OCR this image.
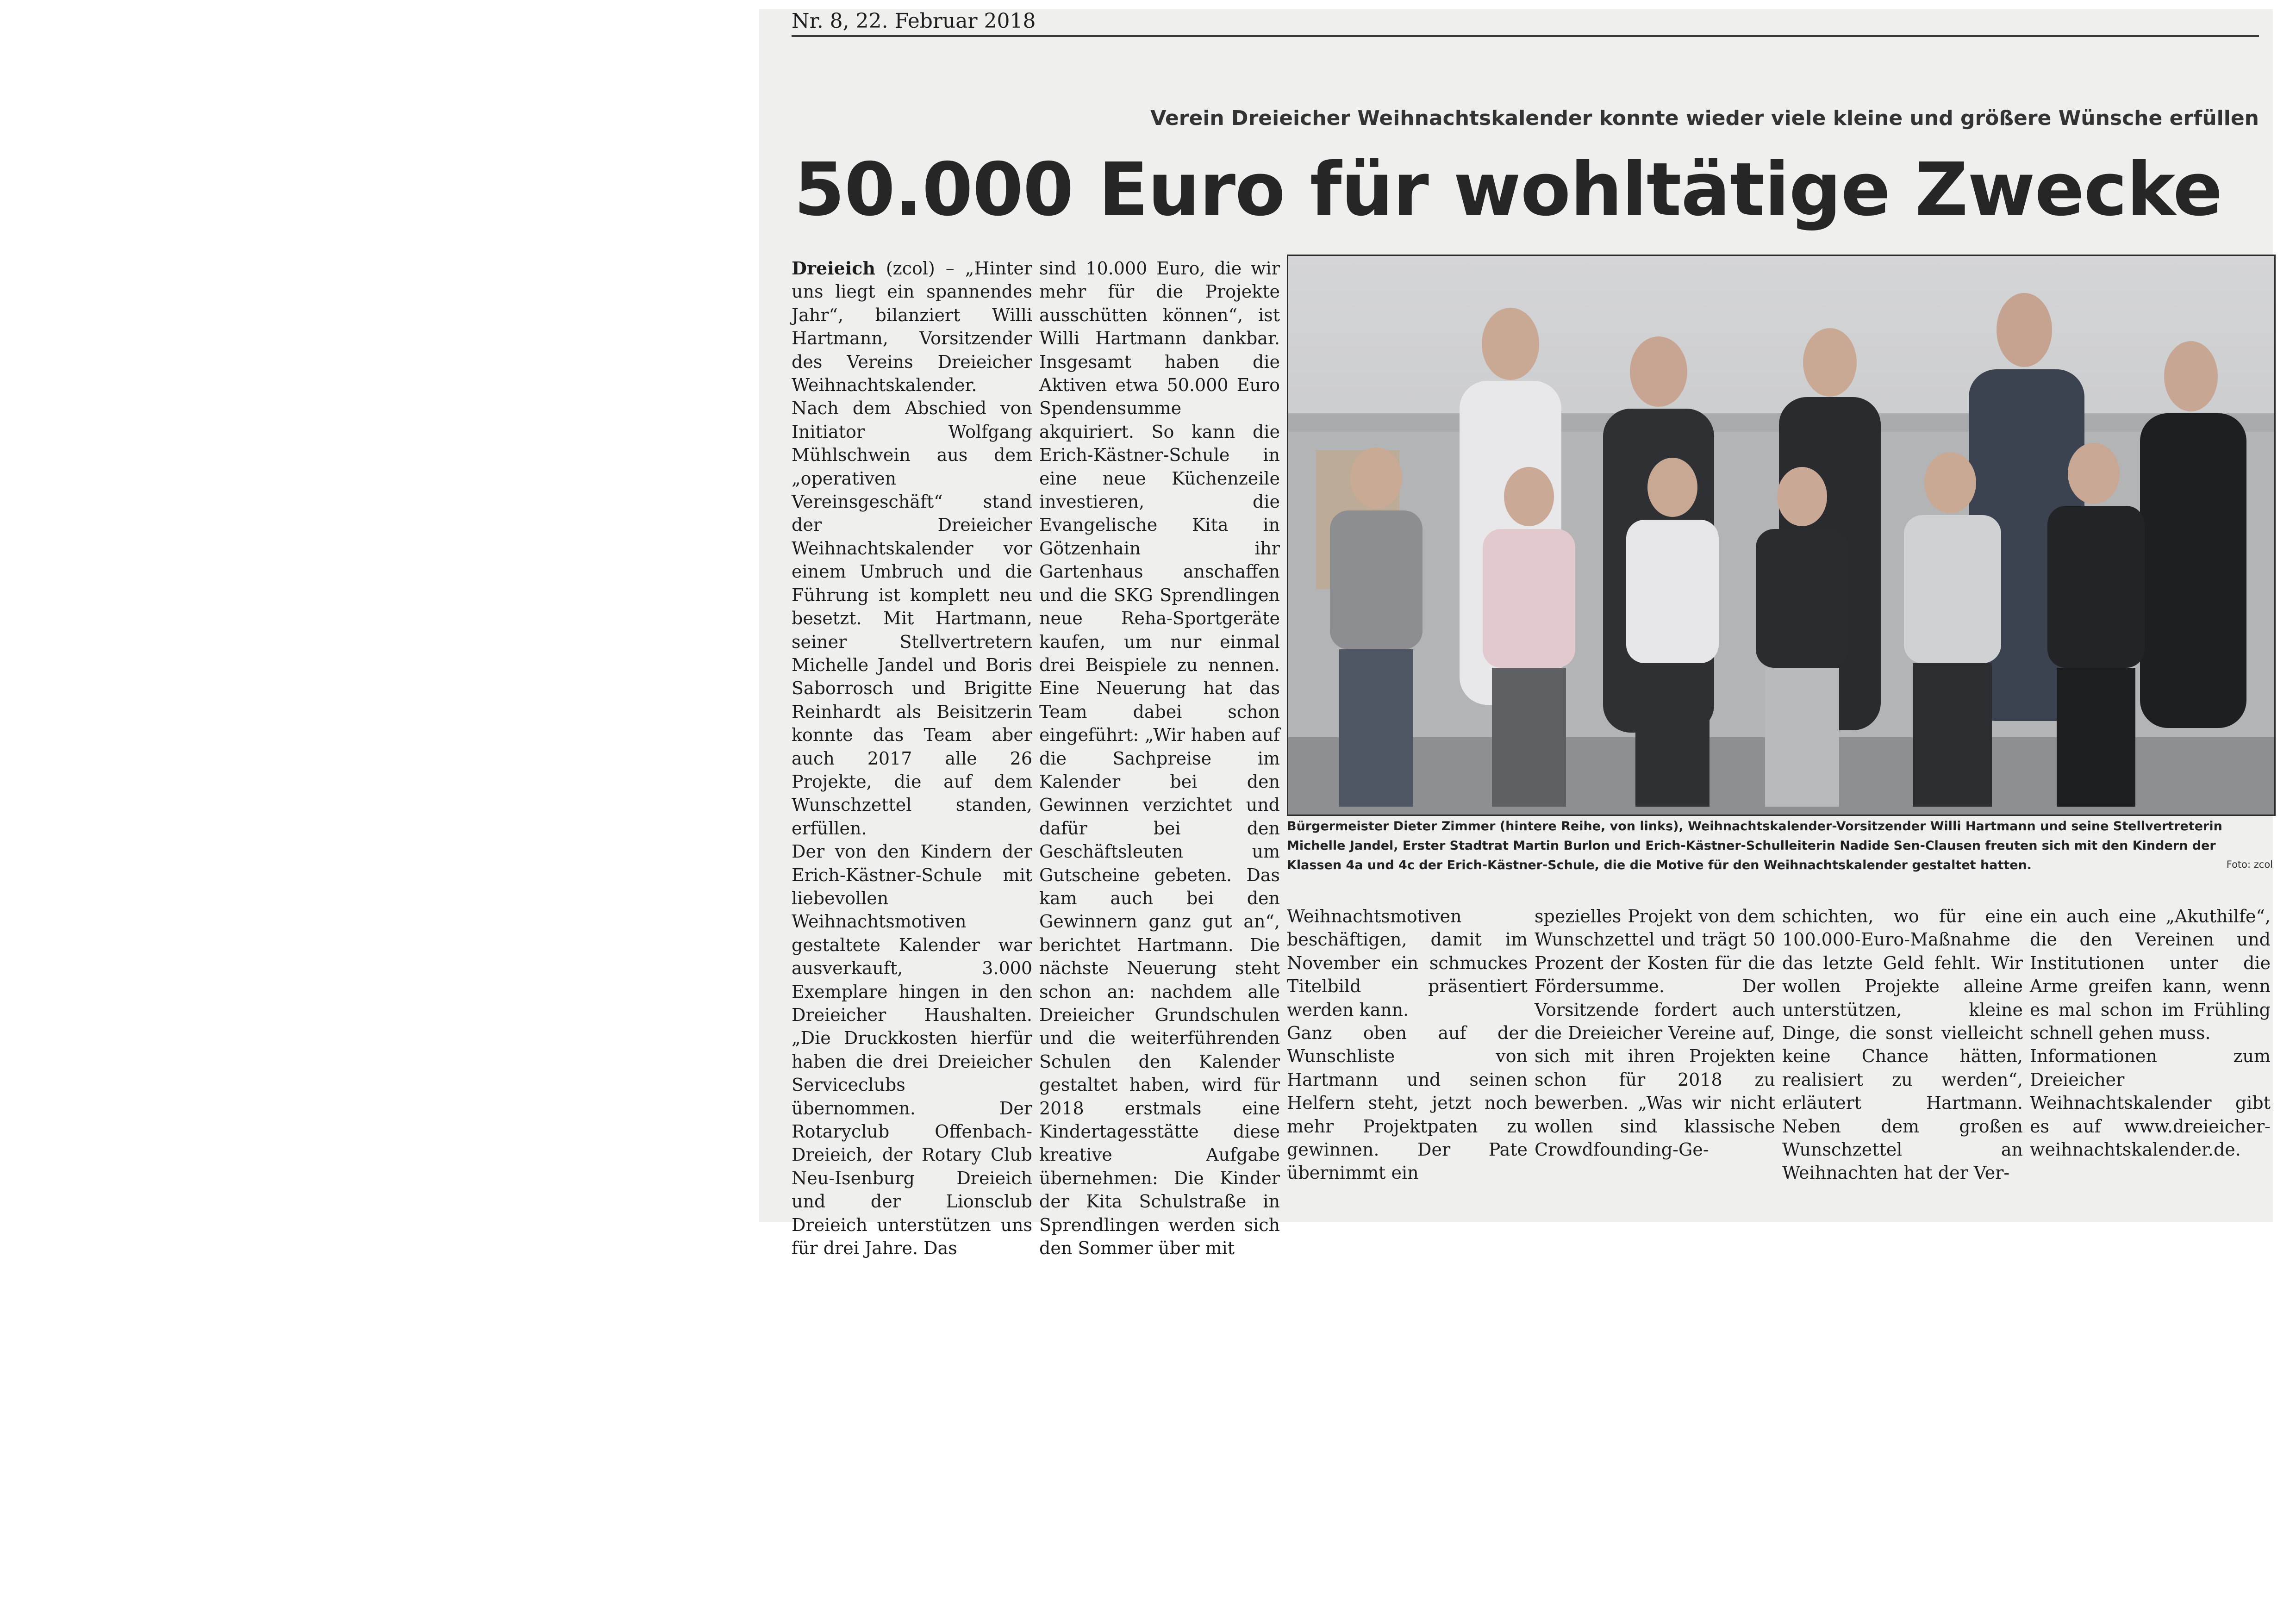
Nr. 8, 22. Februar 2018
Verein Dreieicher Weihnachtskalender konnte wieder viele kleine und größere Wünsche erfüllen
50.000 Euro für wohltätige Zwecke

Dreieich (zcol) – „Hinter uns liegt ein spannendes Jahr“, bilanziert Willi Hartmann, Vorsitzender des Vereins Dreieicher Weihnachtskalender.
Nach dem Abschied von Initiator Wolfgang Mühlschwein aus dem „operativen Vereinsgeschäft“ stand der Dreieicher Weihnachtskalender vor einem Umbruch und die Führung ist komplett neu besetzt. Mit Hartmann, seiner Stellvertretern Michelle Jandel und Boris Saborrosch und Brigitte Reinhardt als Beisitzerin konnte das Team aber auch 2017 alle 26 Projekte, die auf dem Wunschzettel standen, erfüllen.
Der von den Kindern der Erich-Kästner-Schule mit liebevollen Weihnachtsmotiven gestaltete Kalender war ausverkauft, 3.000 Exemplare hingen in den Dreieicher Haushalten. „Die Druckkosten hierfür haben die drei Dreieicher Serviceclubs übernommen. Der Rotaryclub Offenbach-Dreieich, der Rotary Club Neu-Isenburg Dreieich und der Lionsclub Dreieich unterstützen uns für drei Jahre. Das

sind 10.000 Euro, die wir mehr für die Projekte ausschütten können“, ist Willi Hartmann dankbar. Insgesamt haben die Aktiven etwa 50.000 Euro Spendensumme akquiriert. So kann die Erich-Kästner-Schule in eine neue Küchenzeile investieren, die Evangelische Kita in Götzenhain ihr Gartenhaus anschaffen und die SKG Sprendlingen neue Reha-Sportgeräte kaufen, um nur einmal drei Beispiele zu nennen. Eine Neuerung hat das Team dabei schon eingeführt: „Wir haben auf die Sachpreise im Kalender bei den Gewinnen verzichtet und dafür bei den Geschäftsleuten um Gutscheine gebeten. Das kam auch bei den Gewinnern ganz gut an“, berichtet Hartmann. Die nächste Neuerung steht schon an: nachdem alle Dreieicher Grundschulen und die weiterführenden Schulen den Kalender gestaltet haben, wird für 2018 erstmals eine Kindertagesstätte diese kreative Aufgabe übernehmen: Die Kinder der Kita Schulstraße in Sprendlingen werden sich den Sommer über mit

Bürgermeister Dieter Zimmer (hintere Reihe, von links), Weihnachtskalender-Vorsitzender Willi Hartmann und seine Stellvertreterin Michelle Jandel, Erster Stadtrat Martin Burlon und Erich-Kästner-Schulleiterin Nadide Sen-Clausen freuten sich mit den Kindern der Klassen 4a und 4c der Erich-Kästner-Schule, die die Motive für den Weihnachtskalender gestaltet hatten.	Foto: zcol

Weihnachtsmotiven beschäftigen, damit im November ein schmuckes Titelbild präsentiert werden kann.
Ganz oben auf der Wunschliste von Hartmann und seinen Helfern steht, jetzt noch mehr Projektpaten zu gewinnen. Der Pate übernimmt ein

spezielles Projekt von dem Wunschzettel und trägt 50 Prozent der Kosten für die Fördersumme. Der Vorsitzende fordert auch die Dreieicher Vereine auf, sich mit ihren Projekten schon für 2018 zu bewerben. „Was wir nicht wollen sind klassische Crowdfounding-Ge-

schichten, wo für eine 100.000-Euro-Maßnahme das letzte Geld fehlt. Wir wollen Projekte alleine unterstützen, kleine Dinge, die sonst vielleicht keine Chance hätten, realisiert zu werden“, erläutert Hartmann. Neben dem großen Wunschzettel an Weihnachten hat der Ver-

ein auch eine „Akuthilfe“, die den Vereinen und Institutionen unter die Arme greifen kann, wenn es mal schon im Frühling schnell gehen muss.
Informationen zum Dreieicher Weihnachtskalender gibt es auf www.dreieicher-weihnachtskalender.de.
